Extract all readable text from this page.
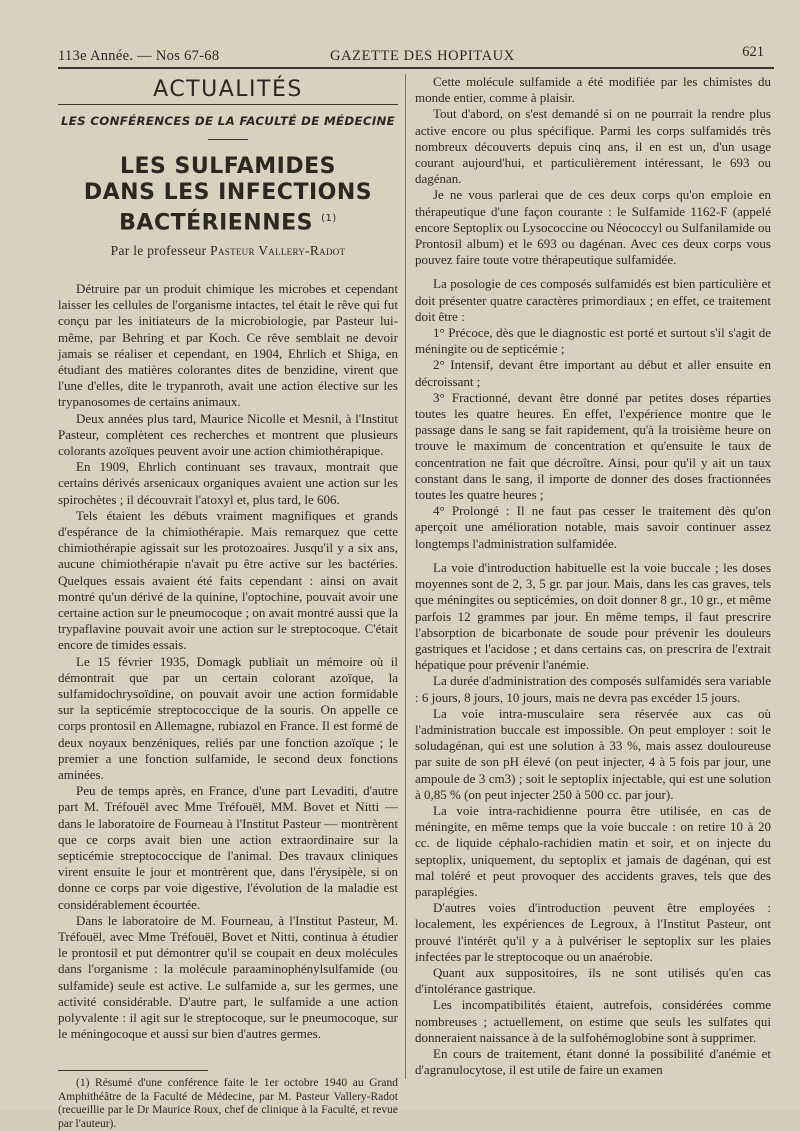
113e Année. — Nos 67-68	GAZETTE DES HOPITAUX	621
ACTUALITÉS
LES CONFÉRENCES DE LA FACULTÉ DE MÉDECINE
LES SULFAMIDES
DANS LES INFECTIONS BACTÉRIENNES $^{(1)}$
Par le professeur Pasteur Vallery-Radot

Détruire par un produit chimique les microbes et cependant laisser les cellules de l'organisme intactes, tel était le rêve qui fut conçu par les initiateurs de la microbiologie, par Pasteur lui-même, par Behring et par Koch. Ce rêve semblait ne devoir jamais se réaliser et cependant, en 1904, Ehrlich et Shiga, en étudiant des matières colorantes dites de benzidine, virent que l'une d'elles, dite le trypanroth, avait une action élective sur les trypanosomes de certains animaux.

Deux années plus tard, Maurice Nicolle et Mesnil, à l'Institut Pasteur, complètent ces recherches et montrent que plusieurs colorants azoïques peuvent avoir une action chimiothérapique.

En 1909, Ehrlich continuant ses travaux, montrait que certains dérivés arsenicaux organiques avaient une action sur les spirochètes ; il découvrait l'atoxyl et, plus tard, le 606.

Tels étaient les débuts vraiment magnifiques et grands d'espérance de la chimiothérapie. Mais remarquez que cette chimiothérapie agissait sur les protozoaires. Jusqu'il y a six ans, aucune chimiothérapie n'avait pu être active sur les bactéries. Quelques essais avaient été faits cependant : ainsi on avait montré qu'un dérivé de la quinine, l'optochine, pouvait avoir une certaine action sur le pneumocoque ; on avait montré aussi que la trypaflavine pouvait avoir une action sur le streptocoque. C'était encore de timides essais.

Le 15 février 1935, Domagk publiait un mémoire où il démontrait que par un certain colorant azoïque, la sulfamidochrysoïdine, on pouvait avoir une action formidable sur la septicémie streptococcique de la souris. On appelle ce corps prontosil en Allemagne, rubiazol en France. Il est formé de deux noyaux benzéniques, reliés par une fonction azoïque ; le premier a une fonction sulfamide, le second deux fonctions aminées.

Peu de temps après, en France, d'une part Levaditi, d'autre part M. Tréfouël avec Mme Tréfouël, MM. Bovet et Nitti — dans le laboratoire de Fourneau à l'Institut Pasteur — montrèrent que ce corps avait bien une action extraordinaire sur la septicémie streptococcique de l'animal. Des travaux cliniques virent ensuite le jour et montrèrent que, dans l'érysipèle, si on donne ce corps par voie digestive, l'évolution de la maladie est considérablement écourtée.

Dans le laboratoire de M. Fourneau, à l'Institut Pasteur, M. Tréfouël, avec Mme Tréfouël, Bovet et Nitti, continua à étudier le prontosil et put démontrer qu'il se coupait en deux molécules dans l'organisme : la molécule paraaminophénylsulfamide (ou sulfamide) seule est active. Le sulfamide a, sur les germes, une activité considérable. D'autre part, le sulfamide a une action polyvalente : il agit sur le streptocoque, sur le pneumocoque, sur le méningocoque et aussi sur bien d'autres germes.

(1) Résumé d'une conférence faite le 1er octobre 1940 au Grand Amphithéâtre de la Faculté de Médecine, par M. Pasteur Vallery-Radot (recueillie par le Dr Maurice Roux, chef de clinique à la Faculté, et revue par l'auteur).

Cette molécule sulfamide a été modifiée par les chimistes du monde entier, comme à plaisir.

Tout d'abord, on s'est demandé si on ne pourrait la rendre plus active encore ou plus spécifique. Parmi les corps sulfamidés très nombreux découverts depuis cinq ans, il en est un, d'un usage courant aujourd'hui, et particulièrement intéressant, le 693 ou dagénan.

Je ne vous parlerai que de ces deux corps qu'on emploie en thérapeutique d'une façon courante : le Sulfamide 1162-F (appelé encore Septoplix ou Lysococcine ou Néococcyl ou Sulfanilamide ou Prontosil album) et le 693 ou dagénan. Avec ces deux corps vous pouvez faire toute votre thérapeutique sulfamidée.

La posologie de ces composés sulfamidés est bien particulière et doit présenter quatre caractères primordiaux ; en effet, ce traitement doit être :

1° Précoce, dès que le diagnostic est porté et surtout s'il s'agit de méningite ou de septicémie ;

2° Intensif, devant être important au début et aller ensuite en décroissant ;

3° Fractionné, devant être donné par petites doses réparties toutes les quatre heures. En effet, l'expérience montre que le passage dans le sang se fait rapidement, qu'à la troisième heure on trouve le maximum de concentration et qu'ensuite le taux de concentration ne fait que décroître. Ainsi, pour qu'il y ait un taux constant dans le sang, il importe de donner des doses fractionnées toutes les quatre heures ;

4° Prolongé : Il ne faut pas cesser le traitement dès qu'on aperçoit une amélioration notable, mais savoir continuer assez longtemps l'administration sulfamidée.

La voie d'introduction habituelle est la voie buccale ; les doses moyennes sont de 2, 3, 5 gr. par jour. Mais, dans les cas graves, tels que méningites ou septicémies, on doit donner 8 gr., 10 gr., et même parfois 12 grammes par jour. En même temps, il faut prescrire l'absorption de bicarbonate de soude pour prévenir les douleurs gastriques et l'acidose ; et dans certains cas, on prescrira de l'extrait hépatique pour prévenir l'anémie.

La durée d'administration des composés sulfamidés sera variable : 6 jours, 8 jours, 10 jours, mais ne devra pas excéder 15 jours.

La voie intra-musculaire sera réservée aux cas où l'administration buccale est impossible. On peut employer : soit le soludagénan, qui est une solution à 33 %, mais assez douloureuse par suite de son pH élevé (on peut injecter, 4 à 5 fois par jour, une ampoule de 3 cm3) ; soit le septoplix injectable, qui est une solution à 0,85 % (on peut injecter 250 à 500 cc. par jour).

La voie intra-rachidienne pourra être utilisée, en cas de méningite, en même temps que la voie buccale : on retire 10 à 20 cc. de liquide céphalo-rachidien matin et soir, et on injecte du septoplix, uniquement, du septoplix et jamais de dagénan, qui est mal toléré et peut provoquer des accidents graves, tels que des paraplégies.

D'autres voies d'introduction peuvent être employées : localement, les expériences de Legroux, à l'Institut Pasteur, ont prouvé l'intérêt qu'il y a à pulvériser le septoplix sur les plaies infectées par le streptocoque ou un anaérobie.

Quant aux suppositoires, ils ne sont utilisés qu'en cas d'intolérance gastrique.

Les incompatibilités étaient, autrefois, considérées comme nombreuses ; actuellement, on estime que seuls les sulfates qui donneraient naissance à de la sulfohémoglobine sont à supprimer.

En cours de traitement, étant donné la possibilité d'anémie et d'agranulocytose, il est utile de faire un examen
